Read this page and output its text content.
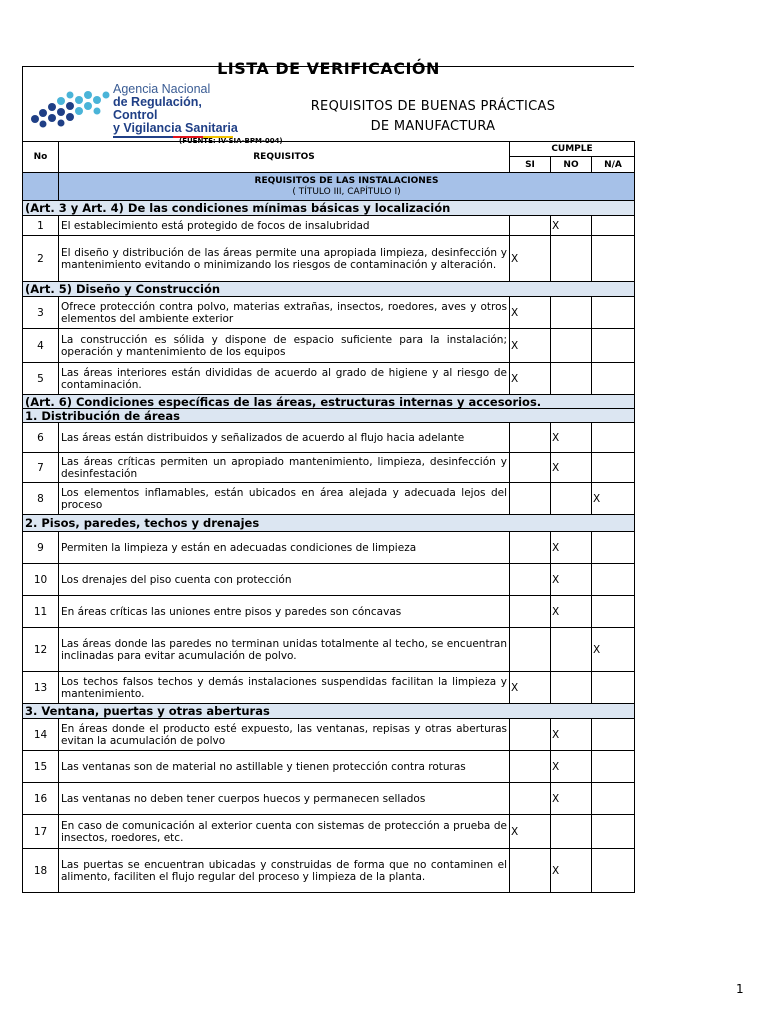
LISTA DE VERIFICACIÓN
Agencia Nacional
de Regulación, Control
y Vigilancia Sanitaria
REQUISITOS DE BUENAS PRÁCTICAS
DE MANUFACTURA
(FUENTE: IV-SIA-BPM-004)
No	REQUISITOS	CUMPLE		
		SI	NO	N/A

	REQUISITOS DE LAS INSTALACIONES
( TÍTULO III, CAPÍTULO I)			

(Art. 3 y Art. 4) De las condiciones mínimas básicas y localización				
1	El establecimiento está protegido de focos de insalubridad		X	
2	El diseño y distribución de las áreas permite una apropiada limpieza, desinfección y mantenimiento evitando o minimizando los riesgos de contaminación y alteración.	X		
(Art. 5) Diseño y Construcción				
3	Ofrece protección contra polvo, materias extrañas, insectos, roedores, aves y otros elementos del ambiente exterior	X		
4	La construcción es sólida y dispone de espacio suficiente para la instalación; operación y mantenimiento de los equipos	X		
5	Las áreas interiores están divididas de acuerdo al grado de higiene y al riesgo de contaminación.	X		
(Art. 6) Condiciones específicas de las áreas, estructuras internas y accesorios.				
1. Distribución de áreas				
6	Las áreas están distribuidos y señalizados de acuerdo al flujo hacia adelante		X	
7	Las áreas críticas permiten un apropiado mantenimiento, limpieza, desinfección y desinfestación		X	
8	Los elementos inflamables, están ubicados en área alejada y adecuada lejos del proceso			X
2. Pisos, paredes, techos y drenajes				
9	Permiten la limpieza y están en adecuadas condiciones de limpieza		X	
10	Los drenajes del piso cuenta con protección		X	
11	En áreas críticas las uniones entre pisos y paredes son cóncavas		X	
12	Las áreas donde las paredes no terminan unidas totalmente al techo, se encuentran inclinadas para evitar acumulación de polvo.			X
13	Los techos falsos techos y demás instalaciones suspendidas facilitan la limpieza y mantenimiento.	X		
3. Ventana, puertas y otras aberturas				
14	En áreas donde el producto esté expuesto, las ventanas, repisas y otras aberturas evitan la acumulación de polvo		X	
15	Las ventanas son de material no astillable y tienen protección contra roturas		X	
16	Las ventanas no deben tener cuerpos huecos y permanecen sellados		X	
17	En caso de comunicación al exterior cuenta con sistemas de protección a prueba de insectos, roedores, etc.	X		
18	Las puertas se encuentran ubicadas y construidas de forma que no contaminen el alimento, faciliten el flujo regular del proceso y limpieza de la planta.		X	
1
